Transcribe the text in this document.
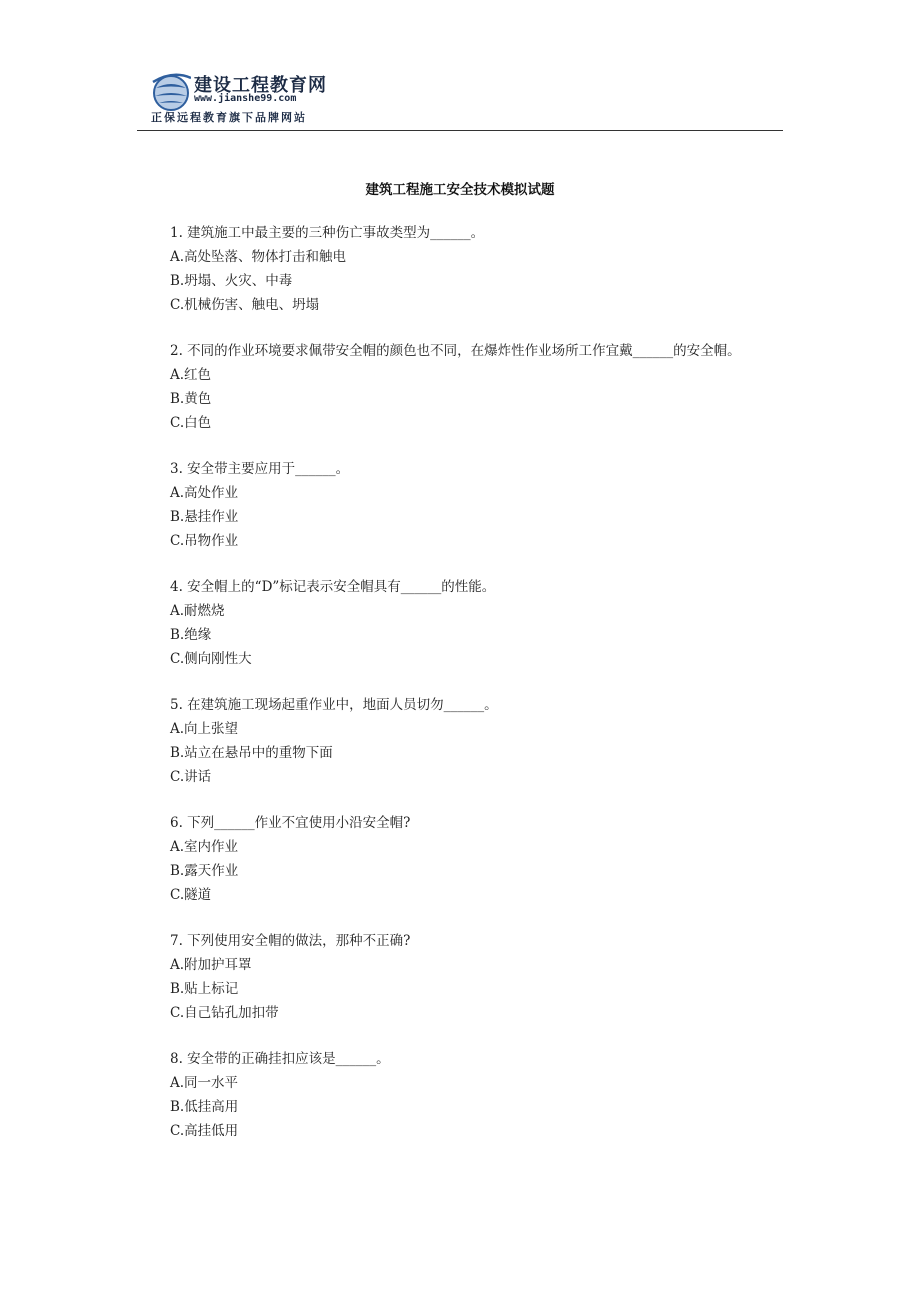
建设工程教育网
www.jianshe99.com
正保远程教育旗下品牌网站
建筑工程施工安全技术模拟试题
1. 建筑施工中最主要的三种伤亡事故类型为______。
A.高处坠落、物体打击和触电
B.坍塌、火灾、中毒
C.机械伤害、触电、坍塌
2. 不同的作业环境要求佩带安全帽的颜色也不同，在爆炸性作业场所工作宜戴______的安全帽。
A.红色
B.黄色
C.白色
3. 安全带主要应用于______。
A.高处作业
B.悬挂作业
C.吊物作业
4. 安全帽上的“D”标记表示安全帽具有______的性能。
A.耐燃烧
B.绝缘
C.侧向刚性大
5. 在建筑施工现场起重作业中，地面人员切勿______。
A.向上张望
B.站立在悬吊中的重物下面
C.讲话
6. 下列______作业不宜使用小沿安全帽?
A.室内作业
B.露天作业
C.隧道
7. 下列使用安全帽的做法，那种不正确?
A.附加护耳罩
B.贴上标记
C.自己钻孔加扣带
8. 安全带的正确挂扣应该是______。
A.同一水平
B.低挂高用
C.高挂低用
